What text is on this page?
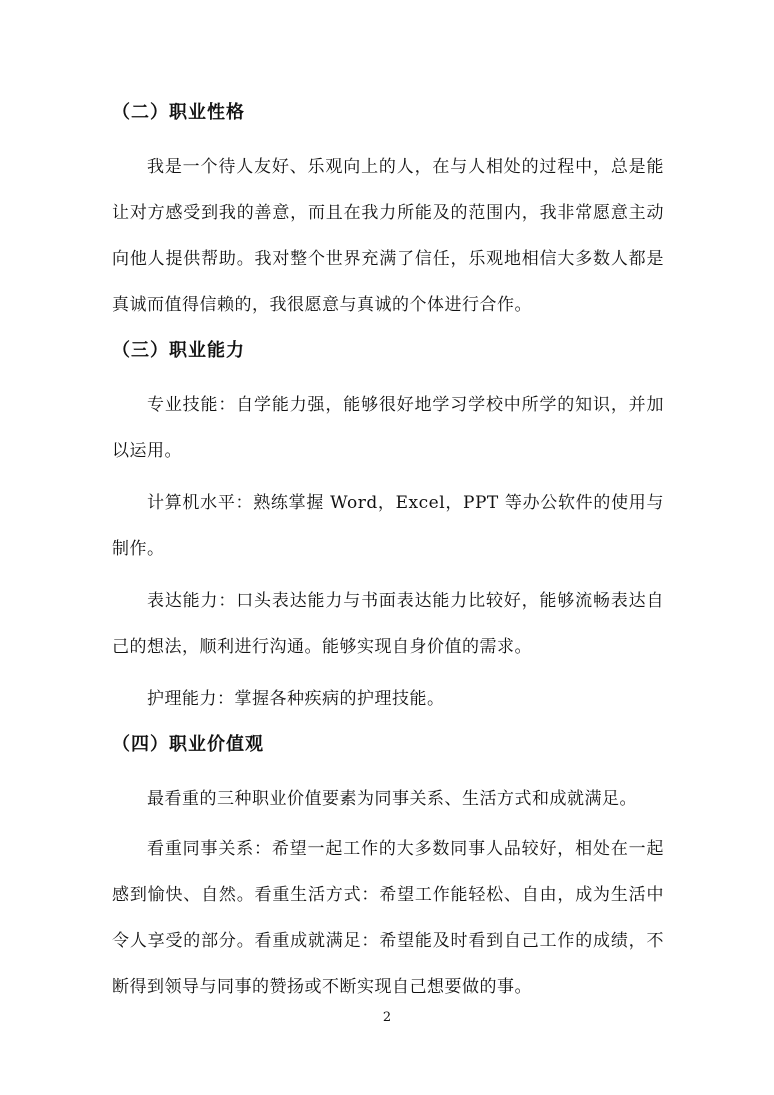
（二）职业性格

我是一个待人友好、乐观向上的人，在与人相处的过程中，总是能让对方感受到我的善意，而且在我力所能及的范围内，我非常愿意主动向他人提供帮助。我对整个世界充满了信任，乐观地相信大多数人都是真诚而值得信赖的，我很愿意与真诚的个体进行合作。

（三）职业能力

专业技能：自学能力强，能够很好地学习学校中所学的知识，并加以运用。

计算机水平：熟练掌握 Word，Excel，PPT 等办公软件的使用与制作。

表达能力：口头表达能力与书面表达能力比较好，能够流畅表达自己的想法，顺利进行沟通。能够实现自身价值的需求。

护理能力：掌握各种疾病的护理技能。

（四）职业价值观

最看重的三种职业价值要素为同事关系、生活方式和成就满足。

看重同事关系：希望一起工作的大多数同事人品较好，相处在一起感到愉快、自然。看重生活方式：希望工作能轻松、自由，成为生活中令人享受的部分。看重成就满足：希望能及时看到自己工作的成绩，不断得到领导与同事的赞扬或不断实现自己想要做的事。

2
